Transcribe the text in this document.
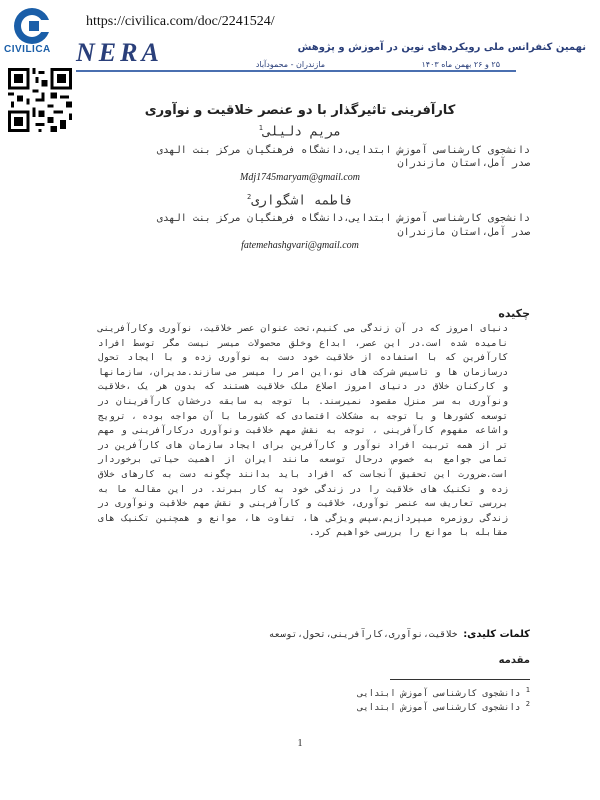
CIVILICA
https://civilica.com/doc/2241524/
NERA	نهمین کنفرانس ملی رویکردهای نوین در آموزش و پژوهش
۲۵ و ۲۶ بهمن ماه ۱۴۰۳
مازندران - محمودآباد
کارآفرینی تاثیرگذار با دو عنصر خلاقیت و نوآوری
مریم دلیلی$^1$
دانشجوی کارشناسی آموزش ابتدایی،دانشگاه فرهنگیان مرکز بنت الهدی
صدر آمل،استان مازندران
Mdj1745maryam@gmail.com
فاطمه اشگواری$^2$
دانشجوی کارشناسی آموزش ابتدایی،دانشگاه فرهنگیان مرکز بنت الهدی
صدر آمل،استان مازندران
fatemehashgvari@gmail.com
چکیده
دنیای امروز که در آن زندگی می کنیم،تحت عنوان عصر خلاقیت، نوآوری وکارآفرینی نامیده شده است.در این عصر، ابداع وخلق محصولات میسر نیست مگر توسط افراد کارآفرین که با استفاده از خلاقیت خود دست به نوآوری زده و با ایجاد تحول درسازمان ها و تاسیس شرکت های نو،این امر را میسر می سازند.مدیران، سازمانها و کارکنان خلاق در دنیای امروز اصلاع ملک خلاقیت هستند که بدون هر یک ،خلاقیت ونوآوری به سر منزل مقصود نمیرسند. با توجه به سابقه درخشان کارآفرینان در توسعه کشورها و با توجه به مشکلات اقتصادی که کشورما با آن مواجه بوده ، ترویج واشاعه مفهوم کارآفرینی ، توجه به نقش مهم خلاقیت ونوآوری درکارآفرینی و مهم تر از همه تربیت افراد نوآور و کارآفرین برای ایجاد سازمان های کارآفرین در تمامی جوامع به خصوص درحال توسعه مانند ایران از اهمیت حیاتی برخوردار است.ضرورت این تحقیق آنجاست که افراد باید بدانند چگونه دست به کارهای خلاق زده و تکنیک های خلاقیت را در زندگی خود به کار ببرند. در این مقاله ما به بررسی تعاریف سه عنصر نوآوری، خلاقیت و کارآفرینی و نقش مهم خلاقیت ونوآوری در زندگی روزمره میپردازیم.سپس ویژگی ها، تفاوت ها، موانع و همچنین تکنیک های مقابله با موانع را بررسی خواهیم کرد.
کلمات کلیدی: خلاقیت،نوآوری،کارآفرینی،تحول،توسعه
مقدمه
$^1$ دانشجوی کارشناسی آموزش ابتدایی
$^2$ دانشجوی کارشناسی آموزش ابتدایی
1
